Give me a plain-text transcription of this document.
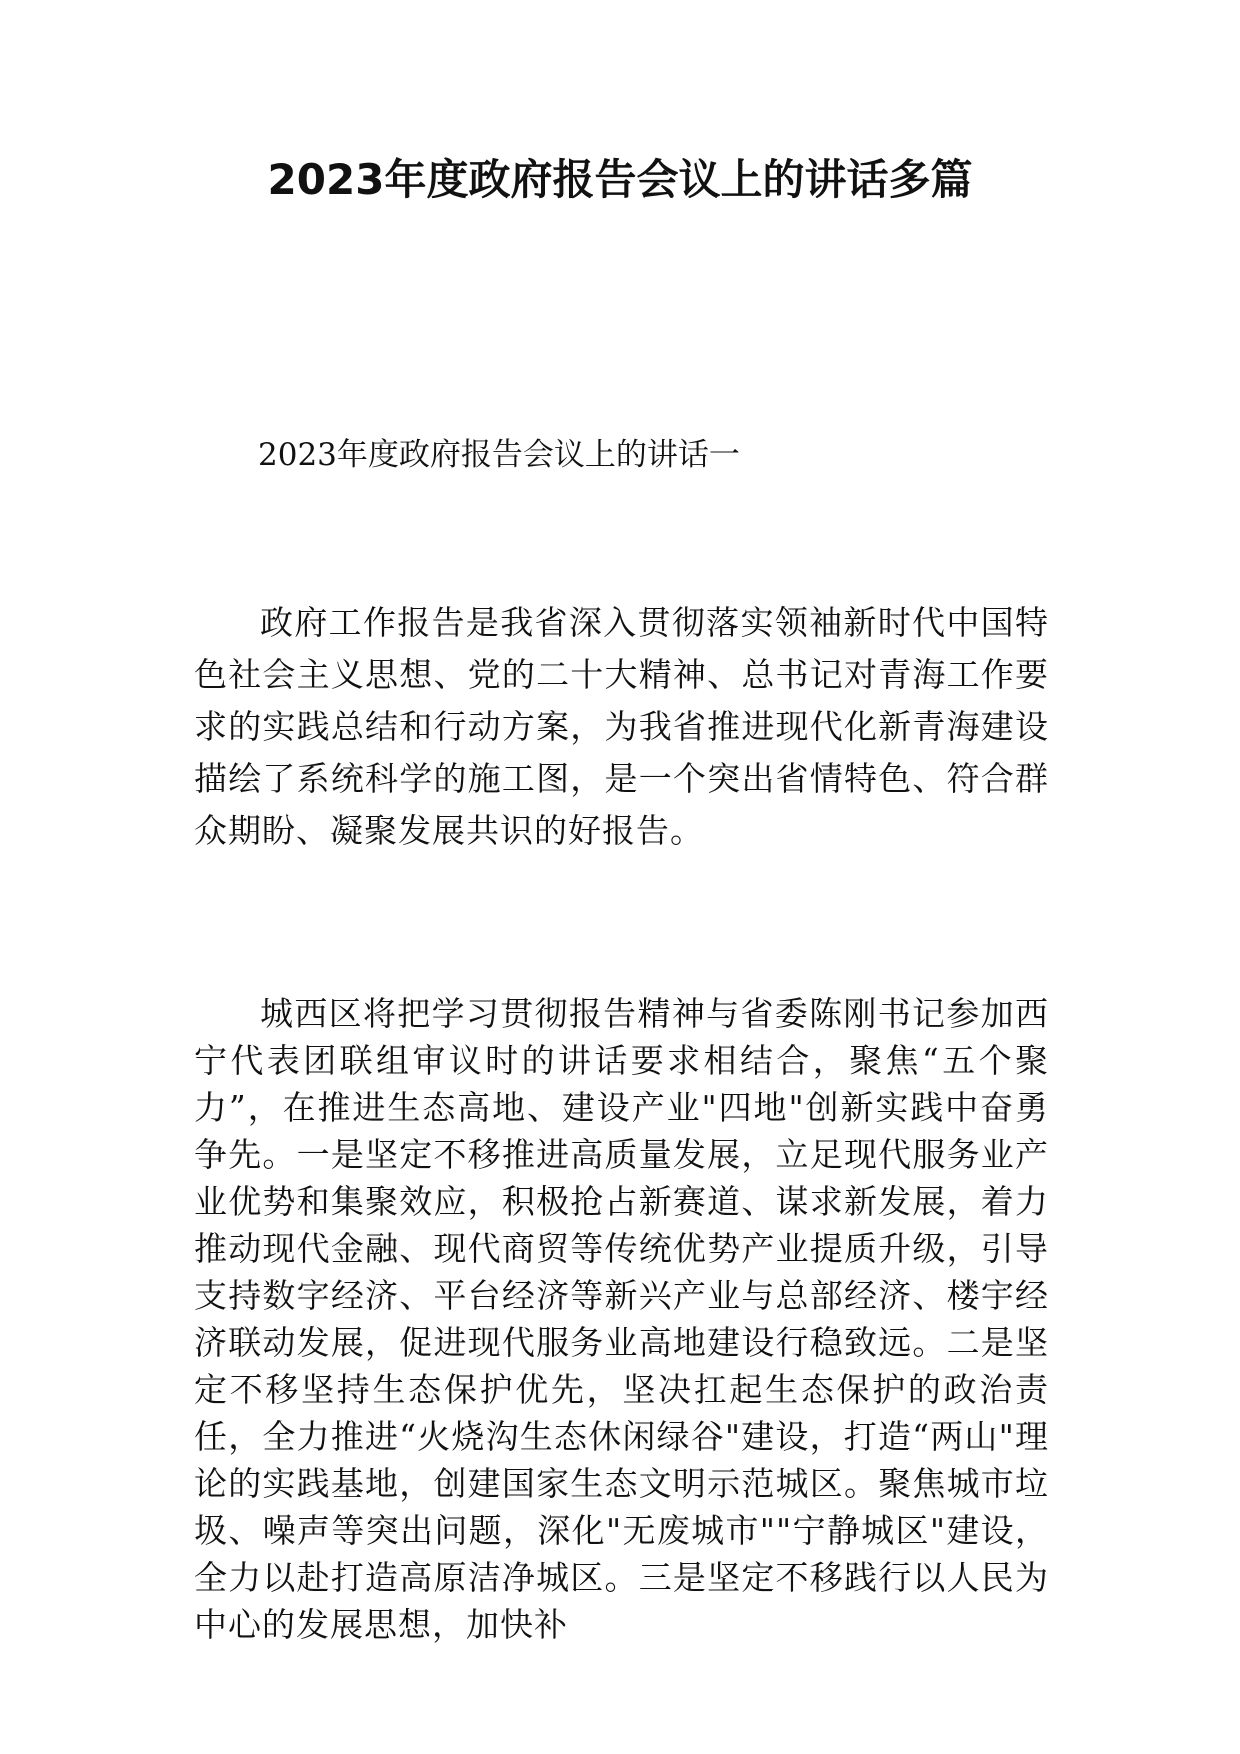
2023年度政府报告会议上的讲话多篇

2023年度政府报告会议上的讲话一

政府工作报告是我省深入贯彻落实领袖新时代中国特色社会主义思想、党的二十大精神、总书记对青海工作要求的实践总结和行动方案，为我省推进现代化新青海建设描绘了系统科学的施工图，是一个突出省情特色、符合群众期盼、凝聚发展共识的好报告。

城西区将把学习贯彻报告精神与省委陈刚书记参加西宁代表团联组审议时的讲话要求相结合，聚焦“五个聚力”，在推进生态高地、建设产业"四地"创新实践中奋勇争先。一是坚定不移推进高质量发展，立足现代服务业产业优势和集聚效应，积极抢占新赛道、谋求新发展，着力推动现代金融、现代商贸等传统优势产业提质升级，引导支持数字经济、平台经济等新兴产业与总部经济、楼宇经济联动发展，促进现代服务业高地建设行稳致远。二是坚定不移坚持生态保护优先，坚决扛起生态保护的政治责任，全力推进“火烧沟生态休闲绿谷"建设，打造“两山"理论的实践基地，创建国家生态文明示范城区。聚焦城市垃圾、噪声等突出问题，深化"无废城市""宁静城区"建设，全力以赴打造高原洁净城区。三是坚定不移践行以人民为中心的发展思想，加快补
